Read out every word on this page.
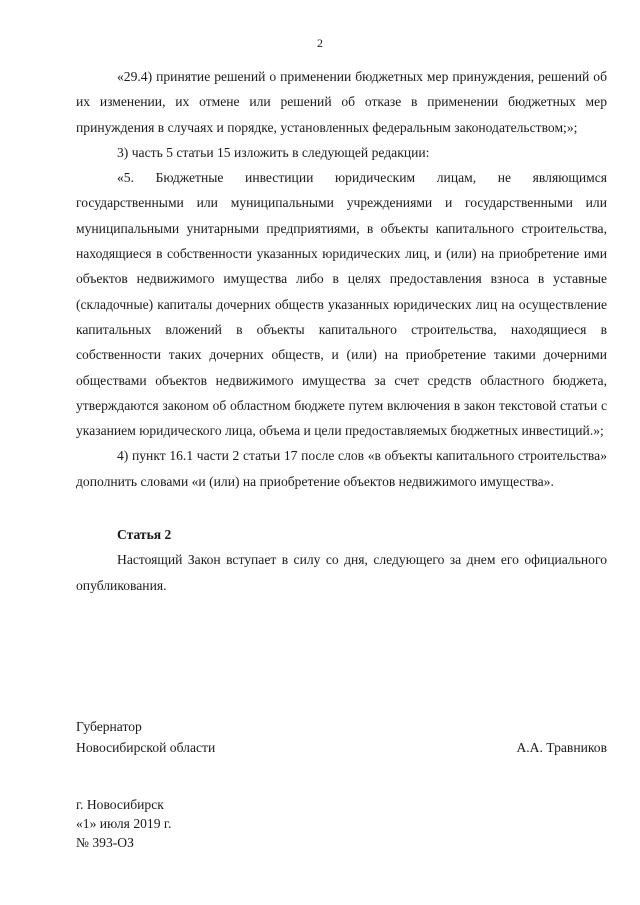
2

«29.4) принятие решений о применении бюджетных мер принуждения, решений об их изменении, их отмене или решений об отказе в применении бюджетных мер принуждения в случаях и порядке, установленных федеральным законодательством;»;

3) часть 5 статьи 15 изложить в следующей редакции:

«5. Бюджетные инвестиции юридическим лицам, не являющимся государственными или муниципальными учреждениями и государственными или муниципальными унитарными предприятиями, в объекты капитального строительства, находящиеся в собственности указанных юридических лиц, и (или) на приобретение ими объектов недвижимого имущества либо в целях предоставления взноса в уставные (складочные) капиталы дочерних обществ указанных юридических лиц на осуществление капитальных вложений в объекты капитального строительства, находящиеся в собственности таких дочерних обществ, и (или) на приобретение такими дочерними обществами объектов недвижимого имущества за счет средств областного бюджета, утверждаются законом об областном бюджете путем включения в закон текстовой статьи с указанием юридического лица, объема и цели предоставляемых бюджетных инвестиций.»;

4) пункт 16.1 части 2 статьи 17 после слов «в объекты капитального строительства» дополнить словами «и (или) на приобретение объектов недвижимого имущества».

Статья 2

Настоящий Закон вступает в силу со дня, следующего за днем его официального опубликования.

Губернатор
Новосибирской области	А.А. Травников
г. Новосибирск
«1» июля 2019 г.
№ 393-ОЗ
